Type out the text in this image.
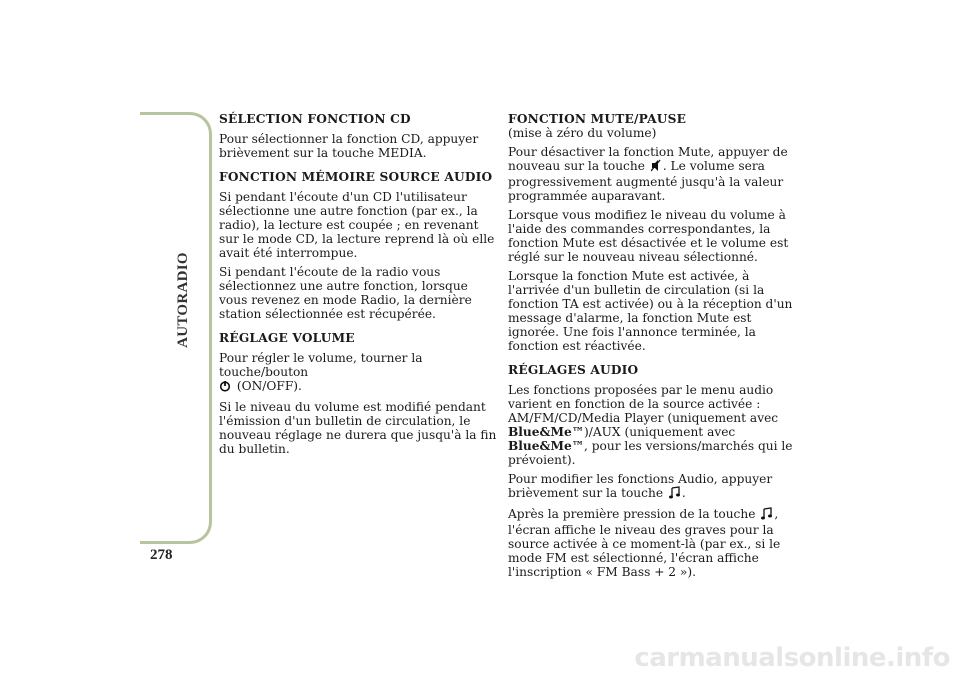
AUTORADIO
278
SÉLECTION FONCTION CD

Pour sélectionner la fonction CD, appuyer brièvement sur la touche MEDIA.

FONCTION MÉMOIRE SOURCE AUDIO

Si pendant l'écoute d'un CD l'utilisateur sélectionne une autre fonction (par ex., la radio), la lecture est coupée ; en revenant sur le mode CD, la lecture reprend là où elle avait été interrompue.

Si pendant l'écoute de la radio vous sélectionnez une autre fonction, lorsque vous revenez en mode Radio, la dernière station sélectionnée est récupérée.

RÉGLAGE VOLUME

Pour régler le volume, tourner la touche/bouton
(ON/OFF).

Si le niveau du volume est modifié pendant l'émission d'un bulletin de circulation, le nouveau réglage ne durera que jusqu'à la fin du bulletin.

FONCTION MUTE/PAUSE

(mise à zéro du volume)

Pour désactiver la fonction Mute, appuyer de nouveau sur la touche . Le volume sera progressivement augmenté jusqu'à la valeur programmée auparavant.

Lorsque vous modifiez le niveau du volume à l'aide des commandes correspondantes, la fonction Mute est désactivée et le volume est réglé sur le nouveau niveau sélectionné.

Lorsque la fonction Mute est activée, à l'arrivée d'un bulletin de circulation (si la fonction TA est activée) ou à la réception d'un message d'alarme, la fonction Mute est ignorée. Une fois l'annonce terminée, la fonction est réactivée.

RÉGLAGES AUDIO

Les fonctions proposées par le menu audio varient en fonction de la source activée : AM/FM/CD/Media Player (uniquement avec
Blue&Me™)/AUX (uniquement avec
Blue&Me™, pour les versions/marchés qui le prévoient).

Pour modifier les fonctions Audio, appuyer brièvement sur la touche .

Après la première pression de la touche , l'écran affiche le niveau des graves pour la source activée à ce moment-là (par ex., si le mode FM est sélectionné, l'écran affiche l'inscription « FM Bass + 2 »).

carmanualsonline.info
